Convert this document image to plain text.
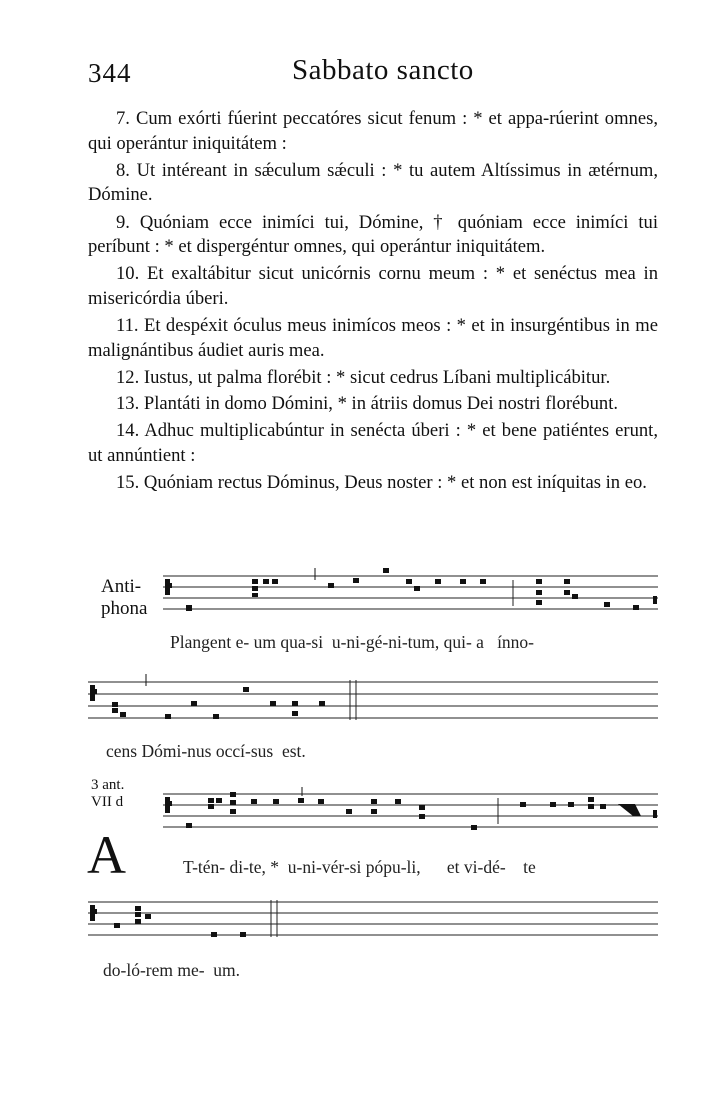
344	Sabbato sancto

7. Cum exórti fúerint peccatóres sicut fenum : * et appa-rúerint omnes, qui operántur iniquitátem :

8. Ut intéreant in sǽculum sǽculi : * tu autem Altíssimus in ætérnum, Dómine.

9. Quóniam ecce inimíci tui, Dómine, † quóniam ecce inimíci tui períbunt : * et dispergéntur omnes, qui operántur iniquitátem.

10. Et exaltábitur sicut unicórnis cornu meum : * et senéctus mea in misericórdia úberi.

11. Et despéxit óculus meus inimícos meos : * et in insurgéntibus in me malignántibus áudiet auris mea.

12. Iustus, ut palma florébit : * sicut cedrus Líbani multiplicábitur.

13. Plantáti in domo Dómini, * in átriis domus Dei nostri florébunt.

14. Adhuc multiplicabúntur in senécta úberi : * et bene patiéntes erunt, ut annúntient :

15. Quóniam rectus Dóminus, Deus noster : * et non est iníquitas in eo.

Anti-
phona
Plangent e- um qua-si  u-ni-gé-ni-tum, qui- a   ínno-
cens Dómi-nus occí-sus  est.
3 ant.
VII d
A	T-tén- di-te, *  u-ni-vér-si pópu-li,      et vi-dé-    te
do-ló-rem me-  um.
